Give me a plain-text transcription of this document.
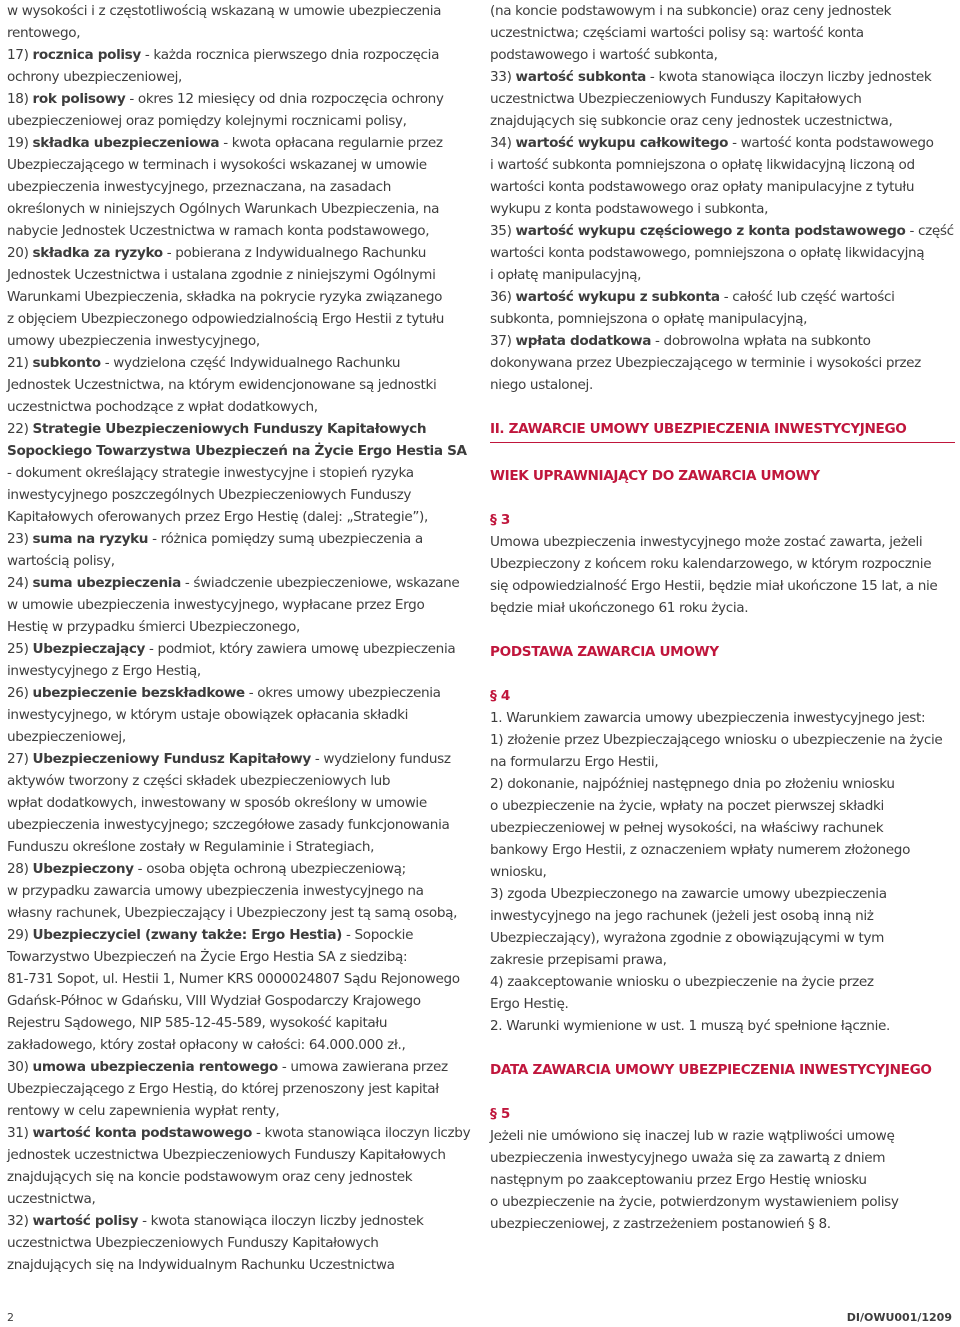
w wysokości i z częstotliwością wskazaną w umowie ubezpieczenia
rentowego,
17) rocznica polisy - każda rocznica pierwszego dnia rozpoczęcia
ochrony ubezpieczeniowej,
18) rok polisowy - okres 12 miesięcy od dnia rozpoczęcia ochrony
ubezpieczeniowej oraz pomiędzy kolejnymi rocznicami polisy,
19) składka ubezpieczeniowa - kwota opłacana regularnie przez
Ubezpieczającego w terminach i wysokości wskazanej w umowie
ubezpieczenia inwestycyjnego, przeznaczana, na zasadach
określonych w niniejszych Ogólnych Warunkach Ubezpieczenia, na
nabycie Jednostek Uczestnictwa w ramach konta podstawowego,
20) składka za ryzyko - pobierana z Indywidualnego Rachunku
Jednostek Uczestnictwa i ustalana zgodnie z niniejszymi Ogólnymi
Warunkami Ubezpieczenia, składka na pokrycie ryzyka związanego
z objęciem Ubezpieczonego odpowiedzialnością Ergo Hestii z tytułu
umowy ubezpieczenia inwestycyjnego,
21) subkonto - wydzielona część Indywidualnego Rachunku
Jednostek Uczestnictwa, na którym ewidencjonowane są jednostki
uczestnictwa pochodzące z wpłat dodatkowych,
22) Strategie Ubezpieczeniowych Funduszy Kapitałowych
Sopockiego Towarzystwa Ubezpieczeń na Życie Ergo Hestia SA
- dokument określający strategie inwestycyjne i stopień ryzyka
inwestycyjnego poszczególnych Ubezpieczeniowych Funduszy
Kapitałowych oferowanych przez Ergo Hestię (dalej: „Strategie”),
23) suma na ryzyku - różnica pomiędzy sumą ubezpieczenia a
wartością polisy,
24) suma ubezpieczenia - świadczenie ubezpieczeniowe, wskazane
w umowie ubezpieczenia inwestycyjnego, wypłacane przez Ergo
Hestię w przypadku śmierci Ubezpieczonego,
25) Ubezpieczający - podmiot, który zawiera umowę ubezpieczenia
inwestycyjnego z Ergo Hestią,
26) ubezpieczenie bezskładkowe - okres umowy ubezpieczenia
inwestycyjnego, w którym ustaje obowiązek opłacania składki
ubezpieczeniowej,
27) Ubezpieczeniowy Fundusz Kapitałowy - wydzielony fundusz
aktywów tworzony z części składek ubezpieczeniowych lub
wpłat dodatkowych, inwestowany w sposób określony w umowie
ubezpieczenia inwestycyjnego; szczegółowe zasady funkcjonowania
Funduszu określone zostały w Regulaminie i Strategiach,
28) Ubezpieczony - osoba objęta ochroną ubezpieczeniową;
w przypadku zawarcia umowy ubezpieczenia inwestycyjnego na
własny rachunek, Ubezpieczający i Ubezpieczony jest tą samą osobą,
29) Ubezpieczyciel (zwany także: Ergo Hestia) - Sopockie
Towarzystwo Ubezpieczeń na Życie Ergo Hestia SA z siedzibą:
81-731 Sopot, ul. Hestii 1, Numer KRS 0000024807 Sądu Rejonowego
Gdańsk-Północ w Gdańsku, VIII Wydział Gospodarczy Krajowego
Rejestru Sądowego, NIP 585-12-45-589, wysokość kapitału
zakładowego, który został opłacony w całości: 64.000.000 zł.,
30) umowa ubezpieczenia rentowego - umowa zawierana przez
Ubezpieczającego z Ergo Hestią, do której przenoszony jest kapitał
rentowy w celu zapewnienia wypłat renty,
31) wartość konta podstawowego - kwota stanowiąca iloczyn liczby
jednostek uczestnictwa Ubezpieczeniowych Funduszy Kapitałowych
znajdujących się na koncie podstawowym oraz ceny jednostek
uczestnictwa,
32) wartość polisy - kwota stanowiąca iloczyn liczby jednostek
uczestnictwa Ubezpieczeniowych Funduszy Kapitałowych
znajdujących się na Indywidualnym Rachunku Uczestnictwa
(na koncie podstawowym i na subkoncie) oraz ceny jednostek
uczestnictwa; częściami wartości polisy są: wartość konta
podstawowego i wartość subkonta,
33) wartość subkonta - kwota stanowiąca iloczyn liczby jednostek
uczestnictwa Ubezpieczeniowych Funduszy Kapitałowych
znajdujących się subkoncie oraz ceny jednostek uczestnictwa,
34) wartość wykupu całkowitego - wartość konta podstawowego
i wartość subkonta pomniejszona o opłatę likwidacyjną liczoną od
wartości konta podstawowego oraz opłaty manipulacyjne z tytułu
wykupu z konta podstawowego i subkonta,
35) wartość wykupu częściowego z konta podstawowego - część
wartości konta podstawowego, pomniejszona o opłatę likwidacyjną
i opłatę manipulacyjną,
36) wartość wykupu z subkonta - całość lub część wartości
subkonta, pomniejszona o opłatę manipulacyjną,
37) wpłata dodatkowa - dobrowolna wpłata na subkonto
dokonywana przez Ubezpieczającego w terminie i wysokości przez
niego ustalonej.
II. ZAWARCIE UMOWY UBEZPIECZENIA INWESTYCYJNEGO
WIEK UPRAWNIAJĄCY DO ZAWARCIA UMOWY
§ 3
Umowa ubezpieczenia inwestycyjnego może zostać zawarta, jeżeli
Ubezpieczony z końcem roku kalendarzowego, w którym rozpocznie
się odpowiedzialność Ergo Hestii, będzie miał ukończone 15 lat, a nie
będzie miał ukończonego 61 roku życia.
PODSTAWA ZAWARCIA UMOWY
§ 4
1. Warunkiem zawarcia umowy ubezpieczenia inwestycyjnego jest:
1) złożenie przez Ubezpieczającego wniosku o ubezpieczenie na życie
na formularzu Ergo Hestii,
2) dokonanie, najpóźniej następnego dnia po złożeniu wniosku
o ubezpieczenie na życie, wpłaty na poczet pierwszej składki
ubezpieczeniowej w pełnej wysokości, na właściwy rachunek
bankowy Ergo Hestii, z oznaczeniem wpłaty numerem złożonego
wniosku,
3) zgoda Ubezpieczonego na zawarcie umowy ubezpieczenia
inwestycyjnego na jego rachunek (jeżeli jest osobą inną niż
Ubezpieczający), wyrażona zgodnie z obowiązującymi w tym
zakresie przepisami prawa,
4) zaakceptowanie wniosku o ubezpieczenie na życie przez
Ergo Hestię.
2. Warunki wymienione w ust. 1 muszą być spełnione łącznie.
DATA ZAWARCIA UMOWY UBEZPIECZENIA INWESTYCYJNEGO
§ 5
Jeżeli nie umówiono się inaczej lub w razie wątpliwości umowę
ubezpieczenia inwestycyjnego uważa się za zawartą z dniem
następnym po zaakceptowaniu przez Ergo Hestię wniosku
o ubezpieczenie na życie, potwierdzonym wystawieniem polisy
ubezpieczeniowej, z zastrzeżeniem postanowień § 8.
2	DI/OWU001/1209
